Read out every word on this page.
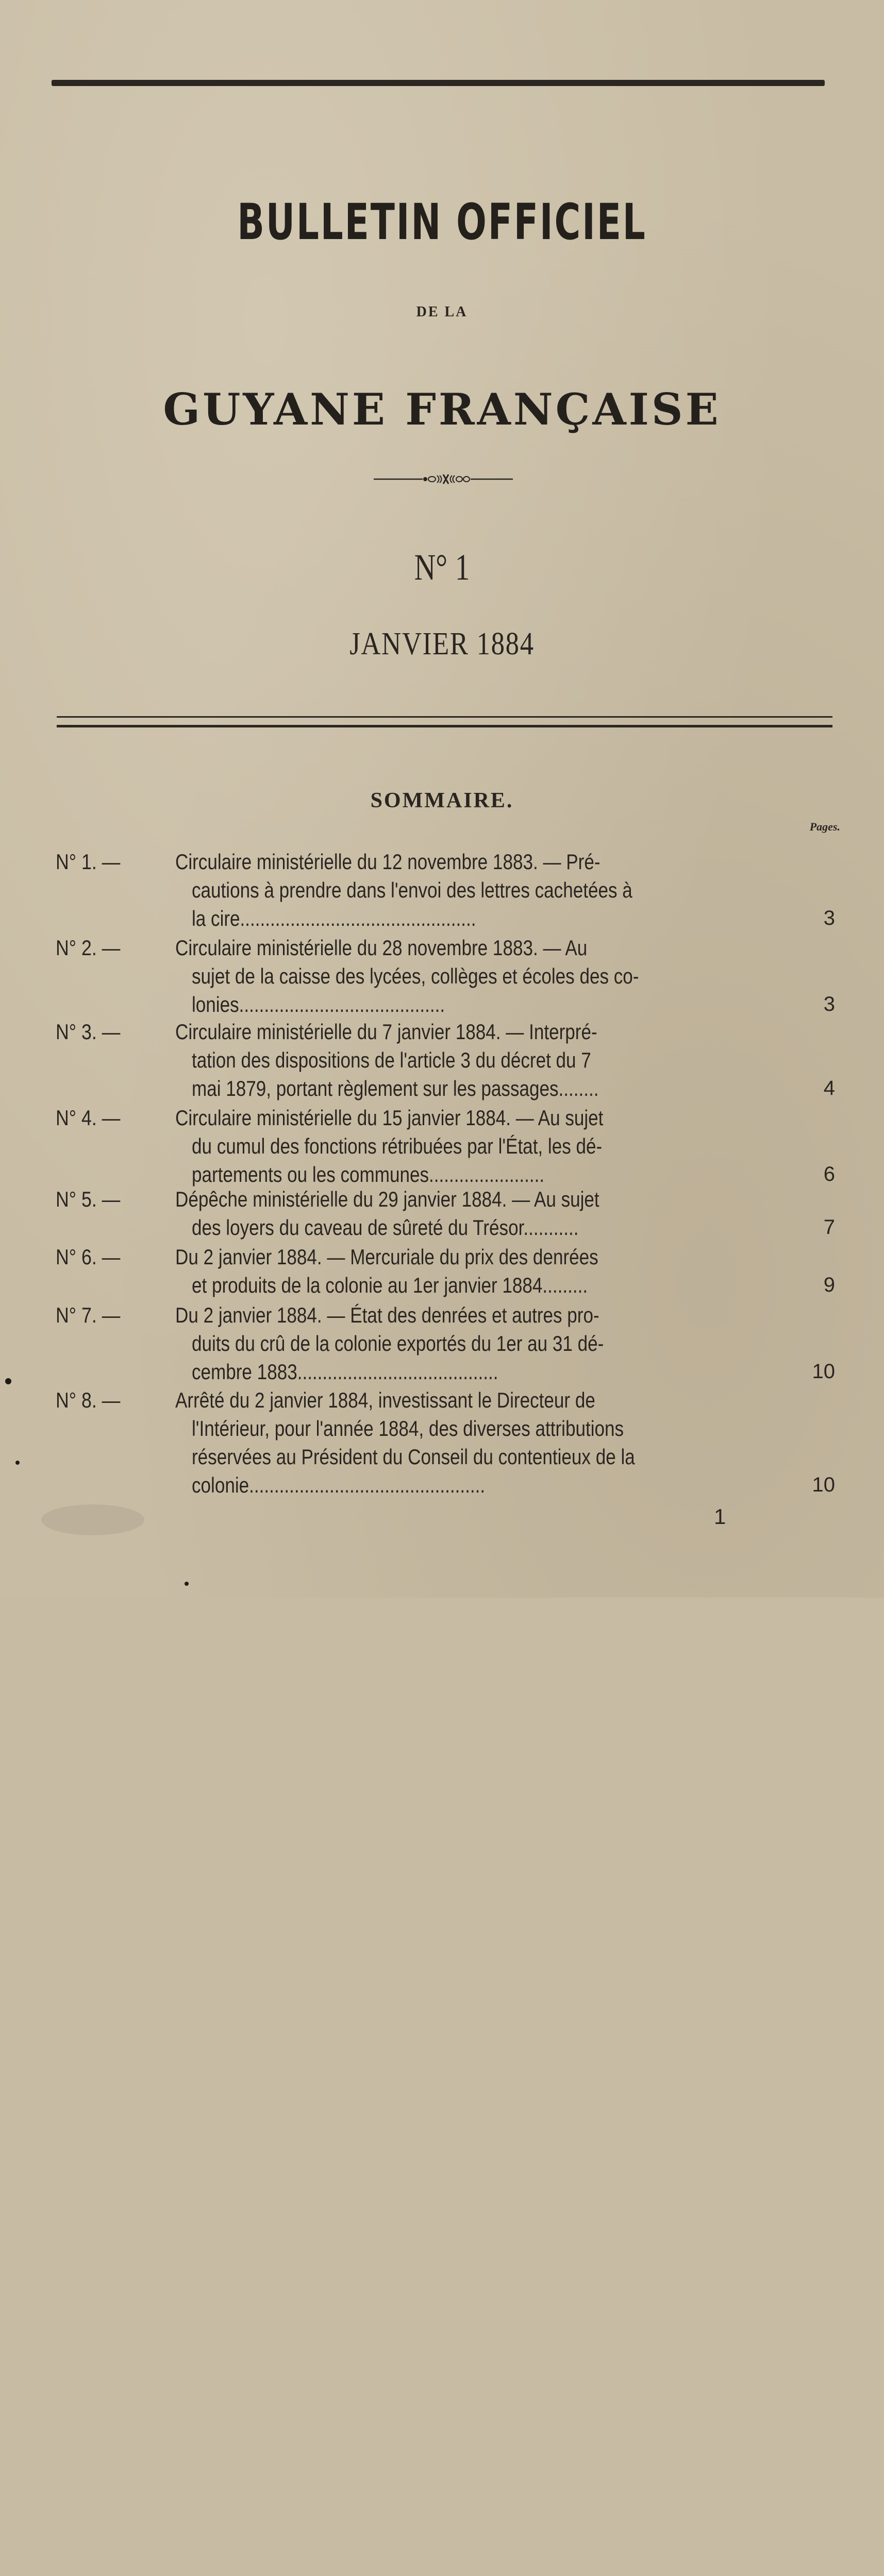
BULLETIN OFFICIEL
DE LA
GUYANE FRANÇAISE
N° 1
JANVIER 1884
SOMMAIRE.
Pages.
N° 1. —	Circulaire ministérielle du 12 novembre 1883. — Pré-
cautions à prendre dans l'envoi des lettres cachetées à
la cire...............................................	3
N° 2. —	Circulaire ministérielle du 28 novembre 1883. — Au
sujet de la caisse des lycées, collèges et écoles des co-
lonies.........................................	3
N° 3. —	Circulaire ministérielle du 7 janvier 1884. — Interpré-
tation des dispositions de l'article 3 du décret du 7
mai 1879, portant règlement sur les passages........	4
N° 4. —	Circulaire ministérielle du 15 janvier 1884. — Au sujet
du cumul des fonctions rétribuées par l'État, les dé-
partements ou les communes.......................	6
N° 5. —	Dépêche ministérielle du 29 janvier 1884. — Au sujet
des loyers du caveau de sûreté du Trésor...........	7
N° 6. —	Du 2 janvier 1884. — Mercuriale du prix des denrées
et produits de la colonie au 1er janvier 1884.........	9
N° 7. —	Du 2 janvier 1884. — État des denrées et autres pro-
duits du crû de la colonie exportés du 1er au 31 dé-
cembre 1883........................................	10
N° 8. —	Arrêté du 2 janvier 1884, investissant le Directeur de
l'Intérieur, pour l'année 1884, des diverses attributions
réservées au Président du Conseil du contentieux de la
colonie...............................................	10
1
